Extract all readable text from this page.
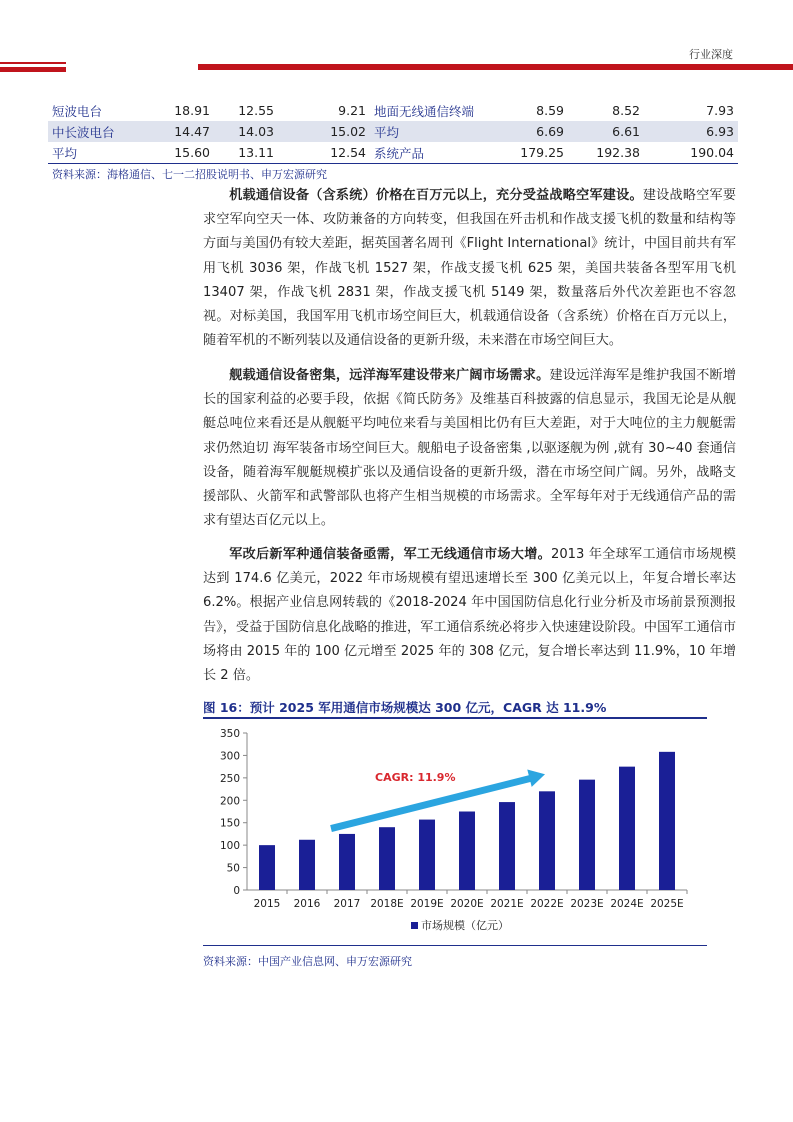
行业深度
短波电台	18.91	12.55	9.21	地面无线通信终端	8.59	8.52	7.93
中长波电台	14.47	14.03	15.02	平均	6.69	6.61	6.93
平均	15.60	13.11	12.54	系统产品	179.25	192.38	190.04
资料来源：海格通信、七一二招股说明书、申万宏源研究

机载通信设备（含系统）价格在百万元以上，充分受益战略空军建设。建设战略空军要求空军向空天一体、攻防兼备的方向转变，但我国在歼击机和作战支援飞机的数量和结构等方面与美国仍有较大差距，据英国著名周刊《Flight International》统计，中国目前共有军用飞机 3036 架，作战飞机 1527 架，作战支援飞机 625 架，美国共装备各型军用飞机 13407 架，作战飞机 2831 架，作战支援飞机 5149 架，数量落后外代次差距也不容忽视。对标美国，我国军用飞机市场空间巨大，机载通信设备（含系统）价格在百万元以上，随着军机的不断列装以及通信设备的更新升级，未来潜在市场空间巨大。

舰载通信设备密集，远洋海军建设带来广阔市场需求。建设远洋海军是维护我国不断增长的国家利益的必要手段，依据《简氏防务》及维基百科披露的信息显示，我国无论是从舰艇总吨位来看还是从舰艇平均吨位来看与美国相比仍有巨大差距，对于大吨位的主力舰艇需求仍然迫切 海军装备市场空间巨大。舰船电子设备密集 ,以驱逐舰为例 ,就有 30~40 套通信设备，随着海军舰艇规模扩张以及通信设备的更新升级，潜在市场空间广阔。另外，战略支援部队、火箭军和武警部队也将产生相当规模的市场需求。全军每年对于无线通信产品的需求有望达百亿元以上。

军改后新军种通信装备亟需，军工无线通信市场大增。2013 年全球军工通信市场规模达到 174.6 亿美元，2022 年市场规模有望迅速增长至 300 亿美元以上，年复合增长率达 6.2%。根据产业信息网转载的《2018-2024 年中国国防信息化行业分析及市场前景预测报告》，受益于国防信息化战略的推进，军工通信系统必将步入快速建设阶段。中国军工通信市场将由 2015 年的 100 亿元增至 2025 年的 308 亿元，复合增长率达到 11.9%，10 年增长 2 倍。

图 16：预计 2025 军用通信市场规模达 300 亿元，CAGR 达 11.9%
0
50
100
150
200
250
300
350
2015 2016 2017 2018E 2019E 2020E 2021E 2022E 2023E 2024E 2025E
CAGR: 11.9%
市场规模（亿元）
资料来源：中国产业信息网、申万宏源研究
